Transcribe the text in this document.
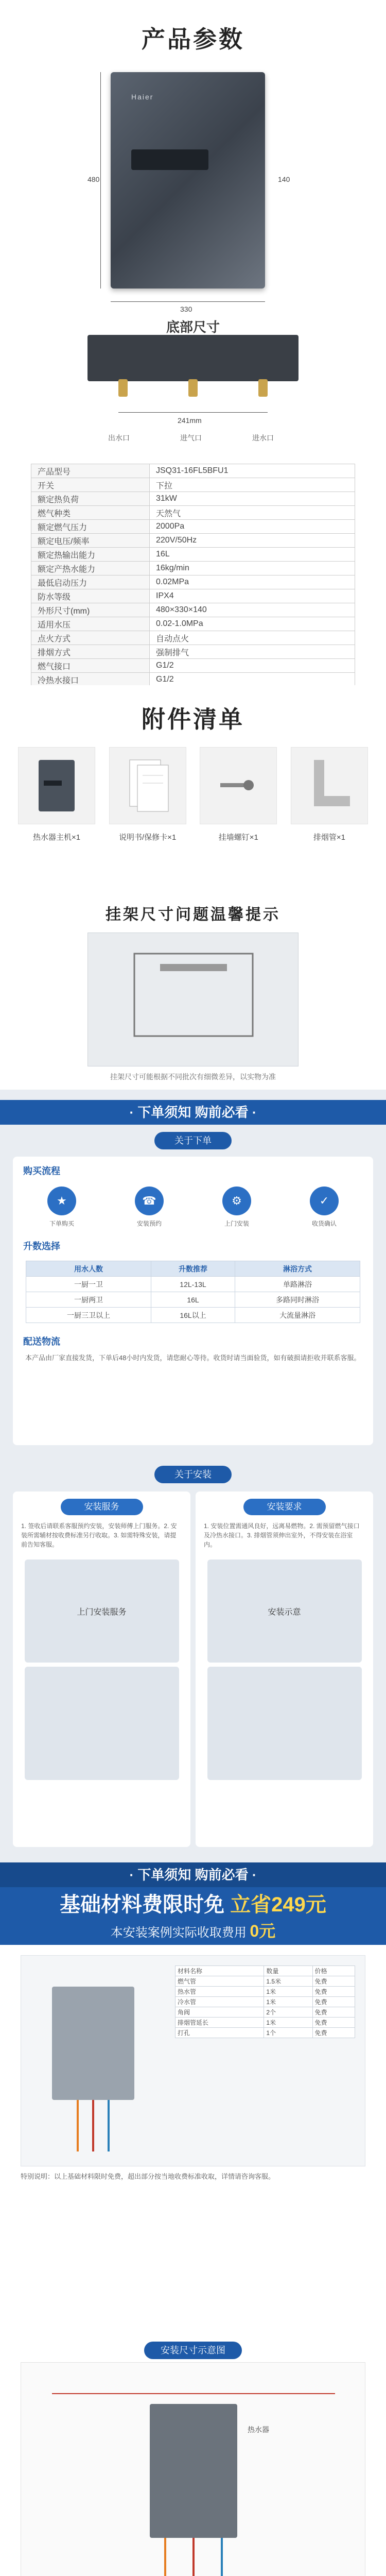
产品参数
Haier
480
330
140
底部尺寸
241mm
出水口	进气口	进水口
产品型号	JSQ31-16FL5BFU1
开关	下拉
额定热负荷	31kW
燃气种类	天然气
额定燃气压力	2000Pa
额定电压/频率	220V/50Hz
额定热输出能力	16L
额定产热水能力	16kg/min
最低启动压力	0.02MPa
防水等级	IPX4
外形尺寸(mm)	480×330×140
适用水压	0.02-1.0MPa
点火方式	自动点火
排烟方式	强制排气
燃气接口	G1/2
冷热水接口	G1/2

附件清单
热水器主机×1	说明书/保修卡×1	挂墙螺钉×1	排烟管×1
挂架尺寸问题温馨提示
挂架尺寸可能根据不同批次有细微差异，以实物为准
· 下单须知 购前必看 ·
关于下单
购买流程
★
下单购买
☎
安装预约
⚙
上门安装
✓
收货确认
升数选择
用水人数	升数推荐	淋浴方式
一厨一卫	12L-13L	单路淋浴
一厨两卫	16L	多路同时淋浴
一厨三卫以上	16L以上	大流量淋浴
配送物流
本产品由厂家直接发货，下单后48小时内发货，请您耐心等待。收货时请当面验货，如有破损请拒收并联系客服。
关于安装
安装服务
1. 签收后请联系客服预约安装，安装师傅上门服务。2. 安装所需辅材按收费标准另行收取。3. 如需特殊安装，请提前告知客服。
上门安装服务
安装要求
1. 安装位置需通风良好，远离易燃物。2. 需预留燃气接口及冷热水接口。3. 排烟管须伸出室外，不得安装在浴室内。
安装示意
· 下单须知 购前必看 ·
基础材料费限时免 立省249元
本安装案例实际收取费用 0元
材料名称	数量	价格
燃气管	1.5米	免费
热水管	1米	免费
冷水管	1米	免费
角阀	2个	免费
排烟管延长	1米	免费
打孔	1个	免费
特别说明：以上基础材料限时免费，超出部分按当地收费标准收取，详情请咨询客服。
安装尺寸示意图
热水器
